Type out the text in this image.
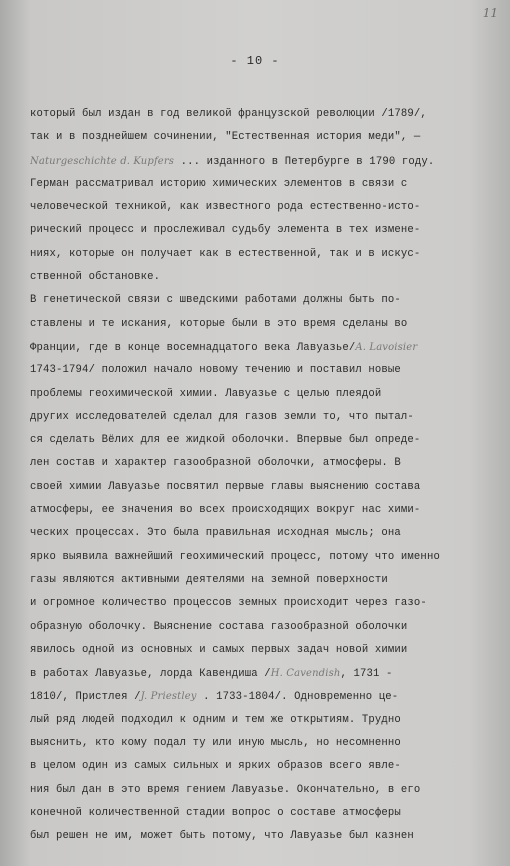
11
- 10 -
который был издан в год великой французской революции /1789/,
так и в позднейшем сочинении, "Естественная история меди", —
Naturgeschichte d. Kupfers ... изданного в Петербурге в 1790 году.
Герман рассматривал историю химических элементов в связи с
человеческой техникой, как известного рода естественно-исто-
рический процесс и прослеживал судьбу элемента в тех измене-
ниях, которые он получает как в естественной, так и в искус-
ственной обстановке.
В генетической связи с шведскими работами должны быть по-
ставлены и те искания, которые были в это время сделаны во
Франции, где в конце восемнадцатого века Лавуазье/A. Lavoisier
1743-1794/ положил начало новому течению и поставил новые
проблемы геохимической химии. Лавуазье с целью плеядой
других исследователей сделал для газов земли то, что пытал-
ся сделать Вёлих для ее жидкой оболочки. Впервые был опреде-
лен состав и характер газообразной оболочки, атмосферы. В
своей химии Лавуазье посвятил первые главы выяснению состава
атмосферы, ее значения во всех происходящих вокруг нас хими-
ческих процессах. Это была правильная исходная мысль; она
ярко выявила важнейший геохимический процесс, потому что именно
газы являются активными деятелями на земной поверхности
и огромное количество процессов земных происходит через газо-
образную оболочку. Выяснение состава газообразной оболочки
явилось одной из основных и самых первых задач новой химии
в работах Лавуазье, лорда Кавендиша /H. Cavendish, 1731 -
1810/, Пристлея /J. Priestley . 1733-1804/. Одновременно це-
лый ряд людей подходил к одним и тем же открытиям. Трудно
выяснить, кто кому подал ту или иную мысль, но несомненно
в целом один из самых сильных и ярких образов всего явле-
ния был дан в это время гением Лавуазье. Окончательно, в его
конечной количественной стадии вопрос о составе атмосферы
был решен не им, может быть потому, что Лавуазье был казнен
